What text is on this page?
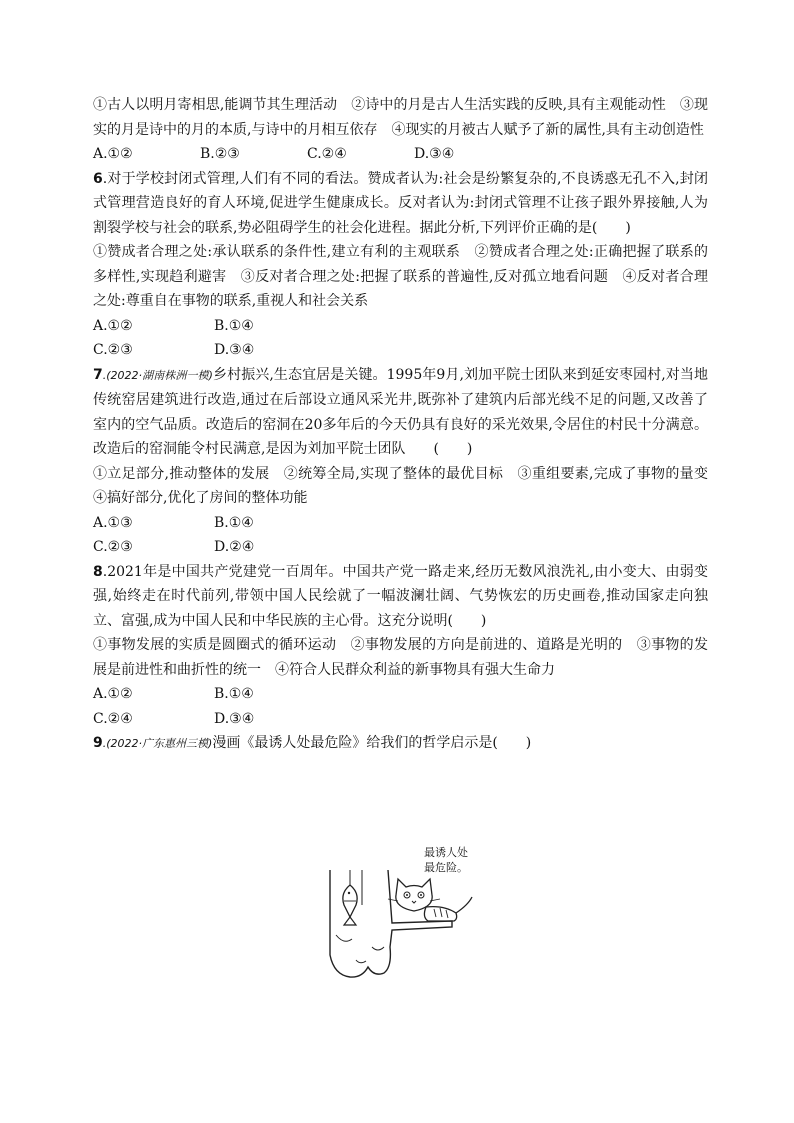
①古人以明月寄相思,能调节其生理活动　②诗中的月是古人生活实践的反映,具有主观能动性　③现实的月是诗中的月的本质,与诗中的月相互依存　④现实的月被古人赋予了新的属性,具有主动创造性

A.①②	B.②③	C.②④	D.③④

6.对于学校封闭式管理,人们有不同的看法。赞成者认为:社会是纷繁复杂的,不良诱惑无孔不入,封闭式管理营造良好的育人环境,促进学生健康成长。反对者认为:封闭式管理不让孩子跟外界接触,人为割裂学校与社会的联系,势必阻碍学生的社会化进程。据此分析,下列评价正确的是(　　)

①赞成者合理之处:承认联系的条件性,建立有利的主观联系　②赞成者合理之处:正确把握了联系的多样性,实现趋利避害　③反对者合理之处:把握了联系的普遍性,反对孤立地看问题　④反对者合理之处:尊重自在事物的联系,重视人和社会关系

A.①②	B.①④
C.②③	D.③④

7.(2022·湖南株洲一模)乡村振兴,生态宜居是关键。1995年9月,刘加平院士团队来到延安枣园村,对当地传统窑居建筑进行改造,通过在后部设立通风采光井,既弥补了建筑内后部光线不足的问题,又改善了室内的空气品质。改造后的窑洞在20多年后的今天仍具有良好的采光效果,令居住的村民十分满意。改造后的窑洞能令村民满意,是因为刘加平院士团队　　(　　)

①立足部分,推动整体的发展　②统筹全局,实现了整体的最优目标　③重组要素,完成了事物的量变　④搞好部分,优化了房间的整体功能

A.①③	B.①④
C.②③	D.②④

8.2021年是中国共产党建党一百周年。中国共产党一路走来,经历无数风浪洗礼,由小变大、由弱变强,始终走在时代前列,带领中国人民绘就了一幅波澜壮阔、气势恢宏的历史画卷,推动国家走向独立、富强,成为中国人民和中华民族的主心骨。这充分说明(　　)

①事物发展的实质是圆圈式的循环运动　②事物发展的方向是前进的、道路是光明的　③事物的发展是前进性和曲折性的统一　④符合人民群众利益的新事物具有强大生命力

A.①②	B.①④
C.②④	D.③④

9.(2022·广东惠州三模)漫画《最诱人处最危险》给我们的哲学启示是(　　)

最诱人处
最危险。
